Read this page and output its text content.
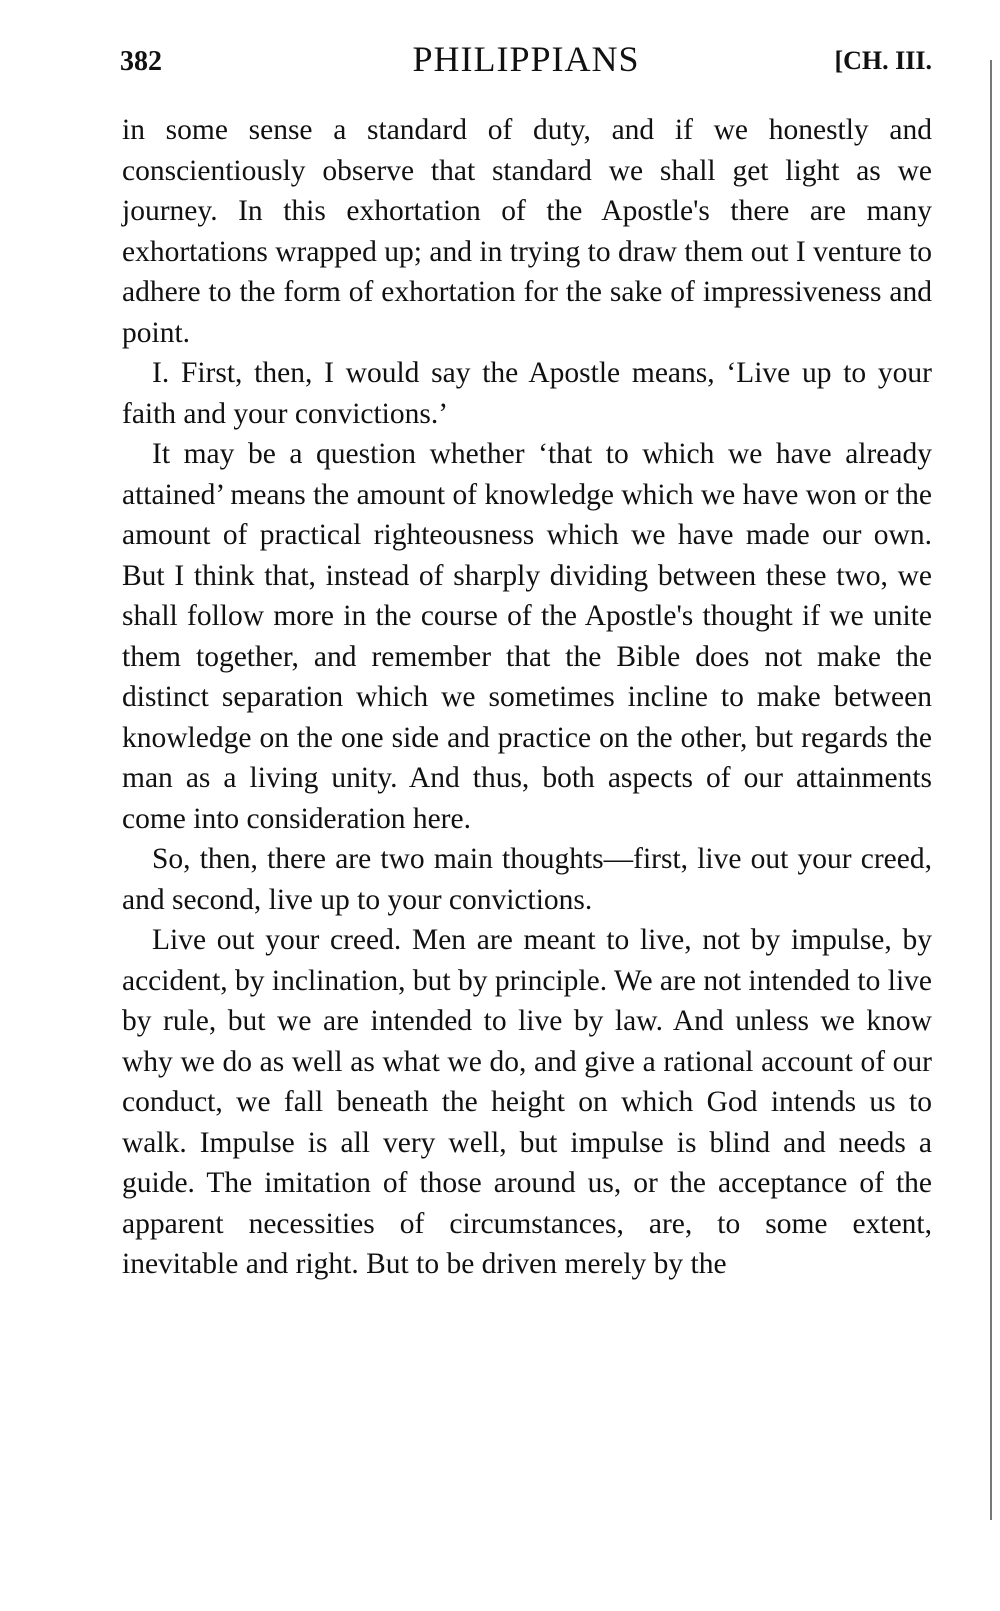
382	PHILIPPIANS	[CH. III.

in some sense a standard of duty, and if we honestly and conscientiously observe that standard we shall get light as we journey. In this exhortation of the Apostle's there are many exhortations wrapped up; and in trying to draw them out I venture to adhere to the form of exhortation for the sake of impressiveness and point.

I. First, then, I would say the Apostle means, ‘Live up to your faith and your convictions.’

It may be a question whether ‘that to which we have already attained’ means the amount of knowledge which we have won or the amount of practical righteousness which we have made our own. But I think that, instead of sharply dividing between these two, we shall follow more in the course of the Apostle's thought if we unite them together, and remember that the Bible does not make the distinct separation which we sometimes incline to make between knowledge on the one side and practice on the other, but regards the man as a living unity. And thus, both aspects of our attainments come into consideration here.

So, then, there are two main thoughts—first, live out your creed, and second, live up to your convictions.

Live out your creed. Men are meant to live, not by impulse, by accident, by inclination, but by principle. We are not intended to live by rule, but we are intended to live by law. And unless we know why we do as well as what we do, and give a rational account of our conduct, we fall beneath the height on which God intends us to walk. Impulse is all very well, but impulse is blind and needs a guide. The imitation of those around us, or the acceptance of the apparent necessities of circumstances, are, to some extent, inevitable and right. But to be driven merely by the
